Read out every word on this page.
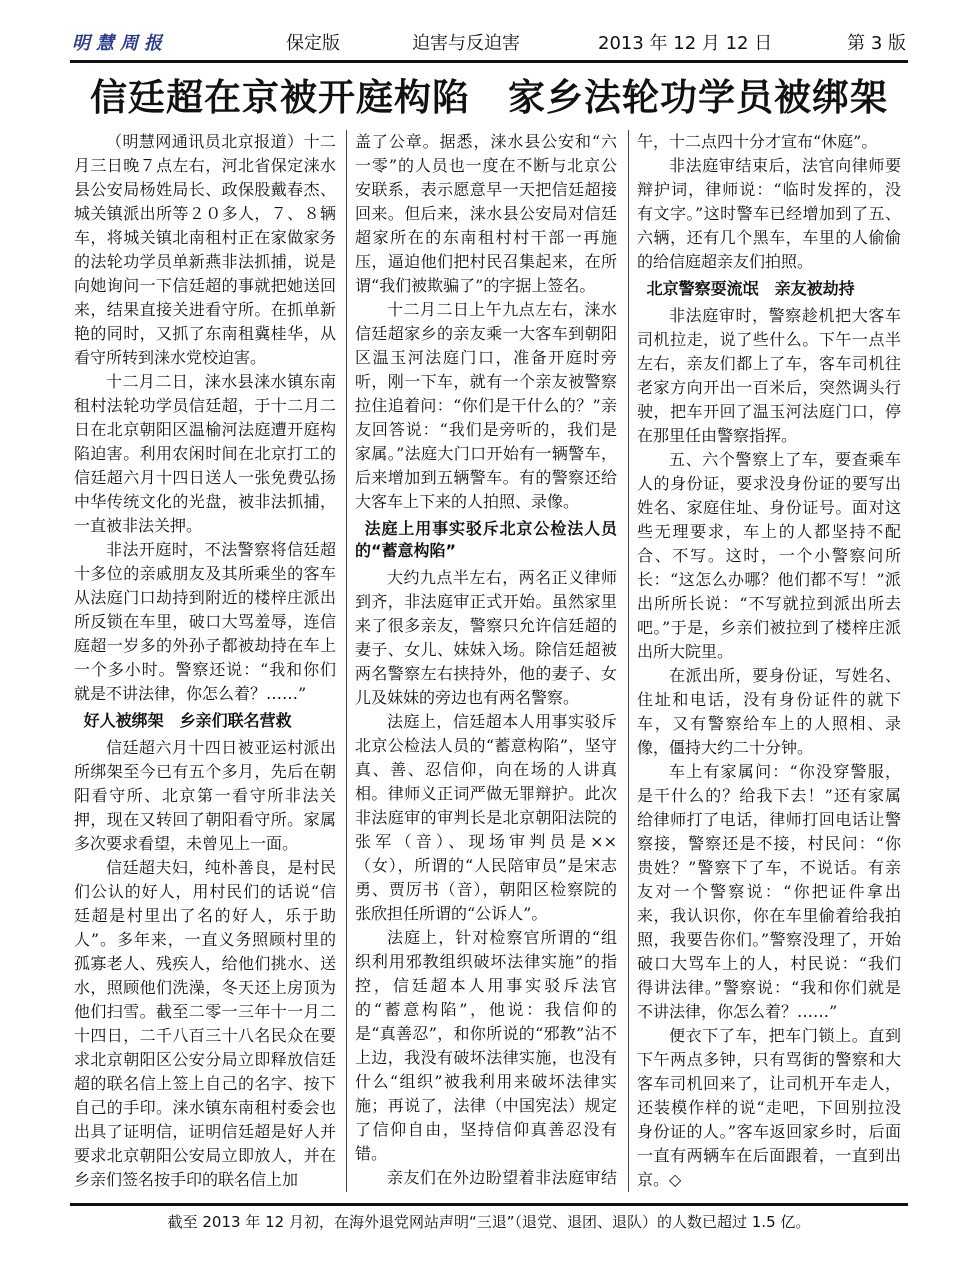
明慧周报	保定版	迫害与反迫害	2013 年 12 月 12 日	第 3 版
信廷超在京被开庭构陷　家乡法轮功学员被绑架

（明慧网通讯员北京报道）十二月三日晚７点左右，河北省保定涞水县公安局杨姓局长、政保股戴春杰、城关镇派出所等２０多人，７、８辆车，将城关镇北南租村正在家做家务的法轮功学员单新燕非法抓捕，说是向她询问一下信廷超的事就把她送回来，结果直接关进看守所。在抓单新艳的同时，又抓了东南租冀桂华，从看守所转到涞水党校迫害。

十二月二日，涞水县涞水镇东南租村法轮功学员信廷超，于十二月二日在北京朝阳区温榆河法庭遭开庭构陷迫害。利用农闲时间在北京打工的信廷超六月十四日送人一张免费弘扬中华传统文化的光盘，被非法抓捕，一直被非法关押。

非法开庭时，不法警察将信廷超十多位的亲戚朋友及其所乘坐的客车从法庭门口劫持到附近的楼梓庄派出所反锁在车里，破口大骂羞辱，连信庭超一岁多的外孙子都被劫持在车上一个多小时。警察还说：“我和你们就是不讲法律，你怎么着？……”

好人被绑架　乡亲们联名营救

信廷超六月十四日被亚运村派出所绑架至今已有五个多月，先后在朝阳看守所、北京第一看守所非法关押，现在又转回了朝阳看守所。家属多次要求看望，未曾见上一面。

信廷超夫妇，纯朴善良，是村民们公认的好人，用村民们的话说“信廷超是村里出了名的好人，乐于助人”。多年来，一直义务照顾村里的孤寡老人、残疾人，给他们挑水、送水，照顾他们洗澡，冬天还上房顶为他们扫雪。截至二零一三年十一月二十四日，二千八百三十八名民众在要求北京朝阳区公安分局立即释放信廷超的联名信上签上自己的名字、按下自己的手印。涞水镇东南租村委会也出具了证明信，证明信廷超是好人并要求北京朝阳公安局立即放人，并在乡亲们签名按手印的联名信上加

盖了公章。据悉，涞水县公安和“六一零”的人员也一度在不断与北京公安联系，表示愿意早一天把信廷超接回来。但后来，涞水县公安局对信廷超家所在的东南租村村干部一再施压，逼迫他们把村民召集起来，在所谓“我们被欺骗了”的字据上签名。

十二月二日上午九点左右，涞水信廷超家乡的亲友乘一大客车到朝阳区温玉河法庭门口，准备开庭时旁听，刚一下车，就有一个亲友被警察拉住追着问：“你们是干什么的？”亲友回答说：“我们是旁听的，我们是家属。”法庭大门口开始有一辆警车，后来增加到五辆警车。有的警察还给大客车上下来的人拍照、录像。

法庭上用事实驳斥北京公检法人员的“蓄意构陷”

大约九点半左右，两名正义律师到齐，非法庭审正式开始。虽然家里来了很多亲友，警察只允许信廷超的妻子、女儿、妹妹入场。除信廷超被两名警察左右挟持外，他的妻子、女儿及妹妹的旁边也有两名警察。

法庭上，信廷超本人用事实驳斥北京公检法人员的“蓄意构陷”，坚守真、善、忍信仰，向在场的人讲真相。律师义正词严做无罪辩护。此次非法庭审的审判长是北京朝阳法院的张军（音）、现场审判员是××（女），所谓的“人民陪审员”是宋志勇、贾厉书（音），朝阳区检察院的张欣担任所谓的“公诉人”。

法庭上，针对检察官所谓的“组织利用邪教组织破坏法律实施”的指控，信廷超本人用事实驳斥法官的“蓄意构陷”，他说：我信仰的是“真善忍”，和你所说的“邪教”沾不上边，我没有破坏法律实施，也没有什么“组织”被我利用来破坏法律实施；再说了，法律（中国宪法）规定了信仰自由，坚持信仰真善忍没有错。

亲友们在外边盼望着非法庭审结

午，十二点四十分才宣布“休庭”。

非法庭审结束后，法官向律师要辩护词，律师说：“临时发挥的，没有文字。”这时警车已经增加到了五、六辆，还有几个黑车，车里的人偷偷的给信庭超亲友们拍照。

北京警察耍流氓　亲友被劫持

非法庭审时，警察趁机把大客车司机拉走，说了些什么。下午一点半左右，亲友们都上了车，客车司机往老家方向开出一百米后，突然调头行驶，把车开回了温玉河法庭门口，停在那里任由警察指挥。

五、六个警察上了车，要查乘车人的身份证，要求没身份证的要写出姓名、家庭住址、身份证号。面对这些无理要求，车上的人都坚持不配合、不写。这时，一个小警察问所长：“这怎么办哪？他们都不写！”派出所所长说：“不写就拉到派出所去吧。”于是，乡亲们被拉到了楼梓庄派出所大院里。

在派出所，要身份证，写姓名、住址和电话，没有身份证件的就下车，又有警察给车上的人照相、录像，僵持大约二十分钟。

车上有家属问：“你没穿警服，是干什么的？给我下去！”还有家属给律师打了电话，律师打回电话让警察接，警察还是不接，村民问：“你贵姓？”警察下了车，不说话。有亲友对一个警察说：“你把证件拿出来，我认识你，你在车里偷着给我拍照，我要告你们。”警察没理了，开始破口大骂车上的人，村民说：“我们得讲法律。”警察说：“我和你们就是不讲法律，你怎么着？……”

便衣下了车，把车门锁上。直到下午两点多钟，只有骂街的警察和大客车司机回来了，让司机开车走人，还装模作样的说“走吧，下回别拉没身份证的人。”客车返回家乡时，后面一直有两辆车在后面跟着，一直到出京。◇

截至 2013 年 12 月初，在海外退党网站声明“三退”（退党、退团、退队）的人数已超过 1.5 亿。
